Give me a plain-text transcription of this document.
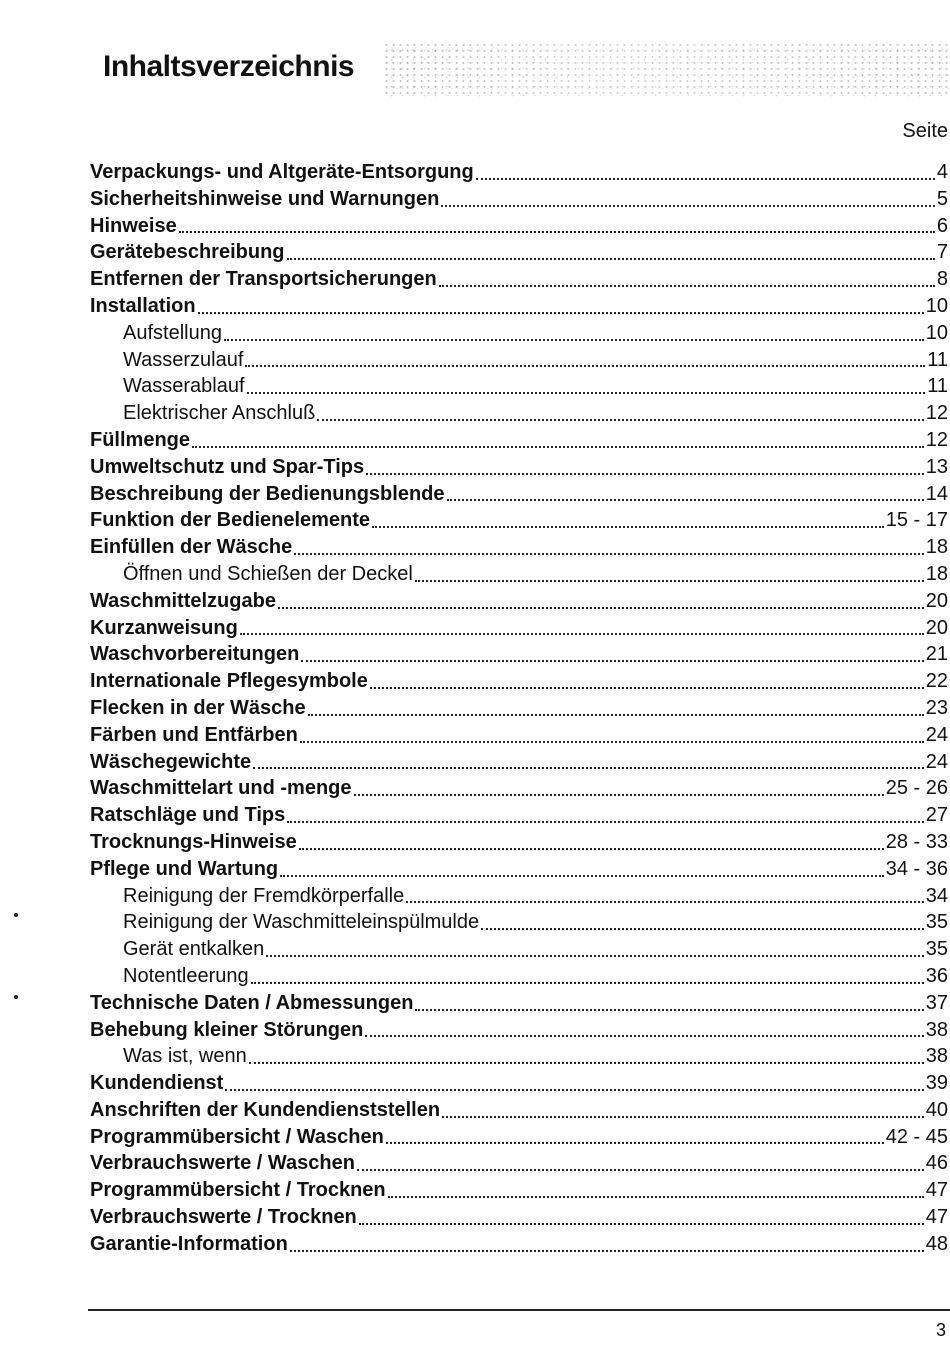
Inhaltsverzeichnis
Seite
Verpackungs- und Altgeräte-Entsorgung	4
Sicherheitshinweise und Warnungen	5
Hinweise	6
Gerätebeschreibung	7
Entfernen der Transportsicherungen	8
Installation	10
Aufstellung	10
Wasserzulauf	11
Wasserablauf	11
Elektrischer Anschluß	12
Füllmenge	12
Umweltschutz und Spar-Tips	13
Beschreibung der Bedienungsblende	14
Funktion der Bedienelemente	15 - 17
Einfüllen der Wäsche	18
Öffnen und Schießen der Deckel	18
Waschmittelzugabe	20
Kurzanweisung	20
Waschvorbereitungen	21
Internationale Pflegesymbole	22
Flecken in der Wäsche	23
Färben und Entfärben	24
Wäschegewichte	24
Waschmittelart und -menge	25 - 26
Ratschläge und Tips	27
Trocknungs-Hinweise	28 - 33
Pflege und Wartung	34 - 36
Reinigung der Fremdkörperfalle	34
Reinigung der Waschmitteleinspülmulde	35
Gerät entkalken	35
Notentleerung	36
Technische Daten / Abmessungen	37
Behebung kleiner Störungen	38
Was ist, wenn	38
Kundendienst	39
Anschriften der Kundendienststellen	40
Programmübersicht / Waschen	42 - 45
Verbrauchswerte / Waschen	46
Programmübersicht / Trocknen	47
Verbrauchswerte / Trocknen	47
Garantie-Information	48
3
